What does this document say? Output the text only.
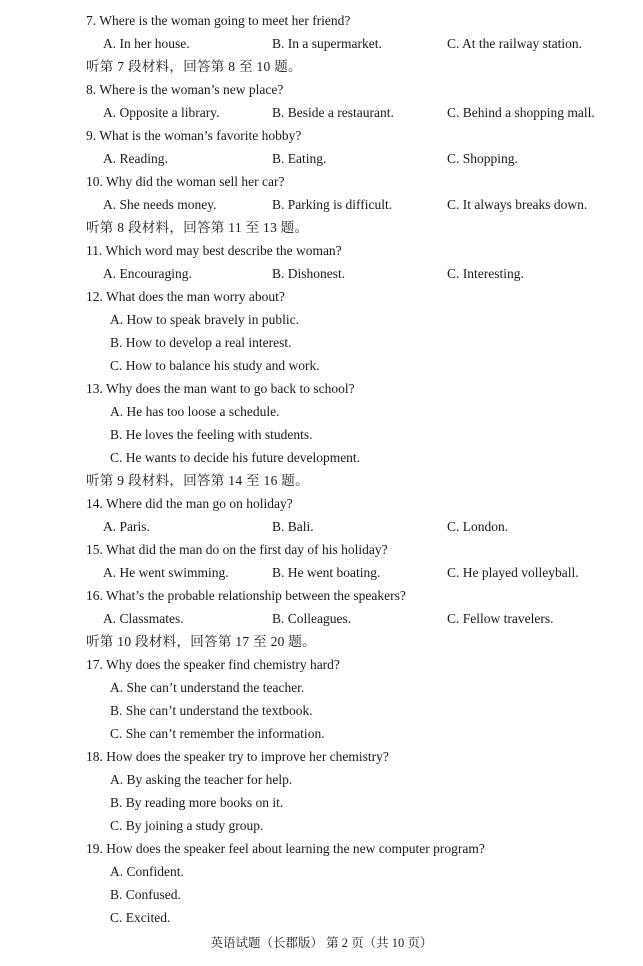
7. Where is the woman going to meet her friend?
A. In her house.	B. In a supermarket.	C. At the railway station.
听第 7 段材料，回答第 8 至 10 题。
8. Where is the woman’s new place?
A. Opposite a library.	B. Beside a restaurant.	C. Behind a shopping mall.
9. What is the woman’s favorite hobby?
A. Reading.	B. Eating.	C. Shopping.
10. Why did the woman sell her car?
A. She needs money.	B. Parking is difficult.	C. It always breaks down.
听第 8 段材料，回答第 11 至 13 题。
11. Which word may best describe the woman?
A. Encouraging.	B. Dishonest.	C. Interesting.
12. What does the man worry about?
A. How to speak bravely in public.
B. How to develop a real interest.
C. How to balance his study and work.
13. Why does the man want to go back to school?
A. He has too loose a schedule.
B. He loves the feeling with students.
C. He wants to decide his future development.
听第 9 段材料，回答第 14 至 16 题。
14. Where did the man go on holiday?
A. Paris.	B. Bali.	C. London.
15. What did the man do on the first day of his holiday?
A. He went swimming.	B. He went boating.	C. He played volleyball.
16. What’s the probable relationship between the speakers?
A. Classmates.	B. Colleagues.	C. Fellow travelers.
听第 10 段材料，回答第 17 至 20 题。
17. Why does the speaker find chemistry hard?
A. She can’t understand the teacher.
B. She can’t understand the textbook.
C. She can’t remember the information.
18. How does the speaker try to improve her chemistry?
A. By asking the teacher for help.
B. By reading more books on it.
C. By joining a study group.
19. How does the speaker feel about learning the new computer program?
A. Confident.
B. Confused.
C. Excited.
英语试题（长郡版） 第 2 页（共 10 页）
